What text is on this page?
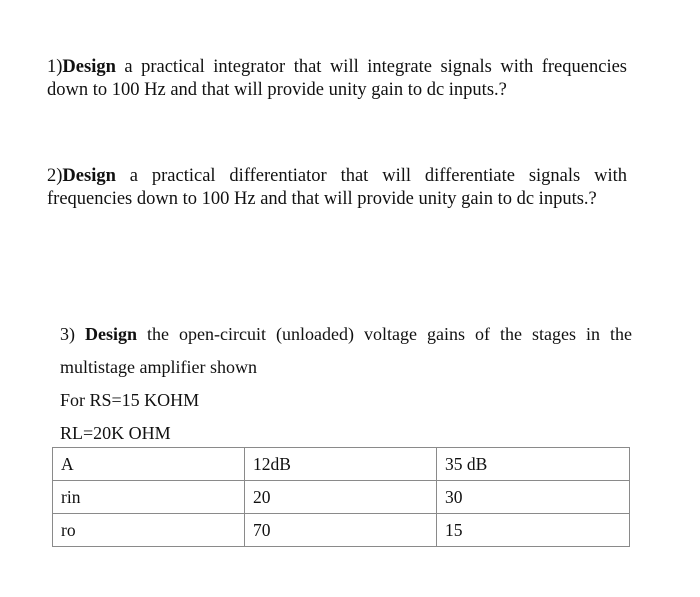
1)Design a practical integrator that will integrate signals with frequencies
down to 100 Hz and that will provide unity gain to dc inputs.?
2)Design a practical differentiator that will differentiate signals with
frequencies down to 100 Hz and that will provide unity gain to dc inputs.?
3) Design the open-circuit (unloaded) voltage gains of the stages in the
multistage amplifier shown
For RS=15 KOHM
RL=20K OHM
A	12dB	35 dB
rin	20	30
ro	70	15
